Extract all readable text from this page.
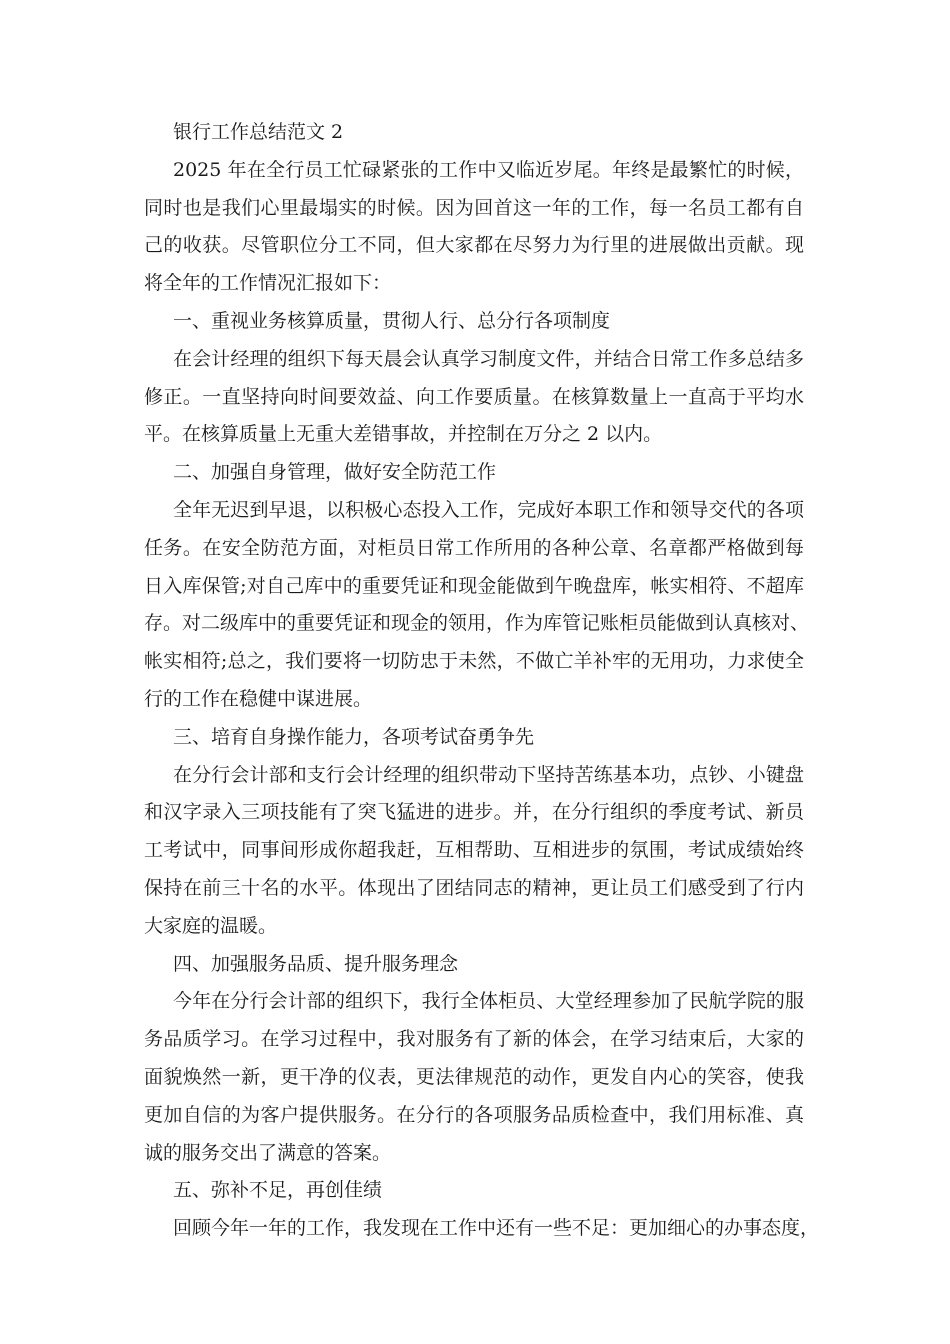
银行工作总结范文 2
2025 年在全行员工忙碌紧张的工作中又临近岁尾。年终是最繁忙的时候，
同时也是我们心里最塌实的时候。因为回首这一年的工作，每一名员工都有自
己的收获。尽管职位分工不同，但大家都在尽努力为行里的进展做出贡献。现
将全年的工作情况汇报如下：
一、重视业务核算质量，贯彻人行、总分行各项制度
在会计经理的组织下每天晨会认真学习制度文件，并结合日常工作多总结多
修正。一直坚持向时间要效益、向工作要质量。在核算数量上一直高于平均水
平。在核算质量上无重大差错事故，并控制在万分之 2 以内。
二、加强自身管理，做好安全防范工作
全年无迟到早退，以积极心态投入工作，完成好本职工作和领导交代的各项
任务。在安全防范方面，对柜员日常工作所用的各种公章、名章都严格做到每
日入库保管;对自己库中的重要凭证和现金能做到午晚盘库，帐实相符、不超库
存。对二级库中的重要凭证和现金的领用，作为库管记账柜员能做到认真核对、
帐实相符;总之，我们要将一切防忠于未然，不做亡羊补牢的无用功，力求使全
行的工作在稳健中谋进展。
三、培育自身操作能力，各项考试奋勇争先
在分行会计部和支行会计经理的组织带动下坚持苦练基本功，点钞、小键盘
和汉字录入三项技能有了突飞猛进的进步。并，在分行组织的季度考试、新员
工考试中，同事间形成你超我赶，互相帮助、互相进步的氛围，考试成绩始终
保持在前三十名的水平。体现出了团结同志的精神，更让员工们感受到了行内
大家庭的温暖。
四、加强服务品质、提升服务理念
今年在分行会计部的组织下，我行全体柜员、大堂经理参加了民航学院的服
务品质学习。在学习过程中，我对服务有了新的体会，在学习结束后，大家的
面貌焕然一新，更干净的仪表，更法律规范的动作，更发自内心的笑容，使我
更加自信的为客户提供服务。在分行的各项服务品质检查中，我们用标准、真
诚的服务交出了满意的答案。
五、弥补不足，再创佳绩
回顾今年一年的工作，我发现在工作中还有一些不足：更加细心的办事态度，
